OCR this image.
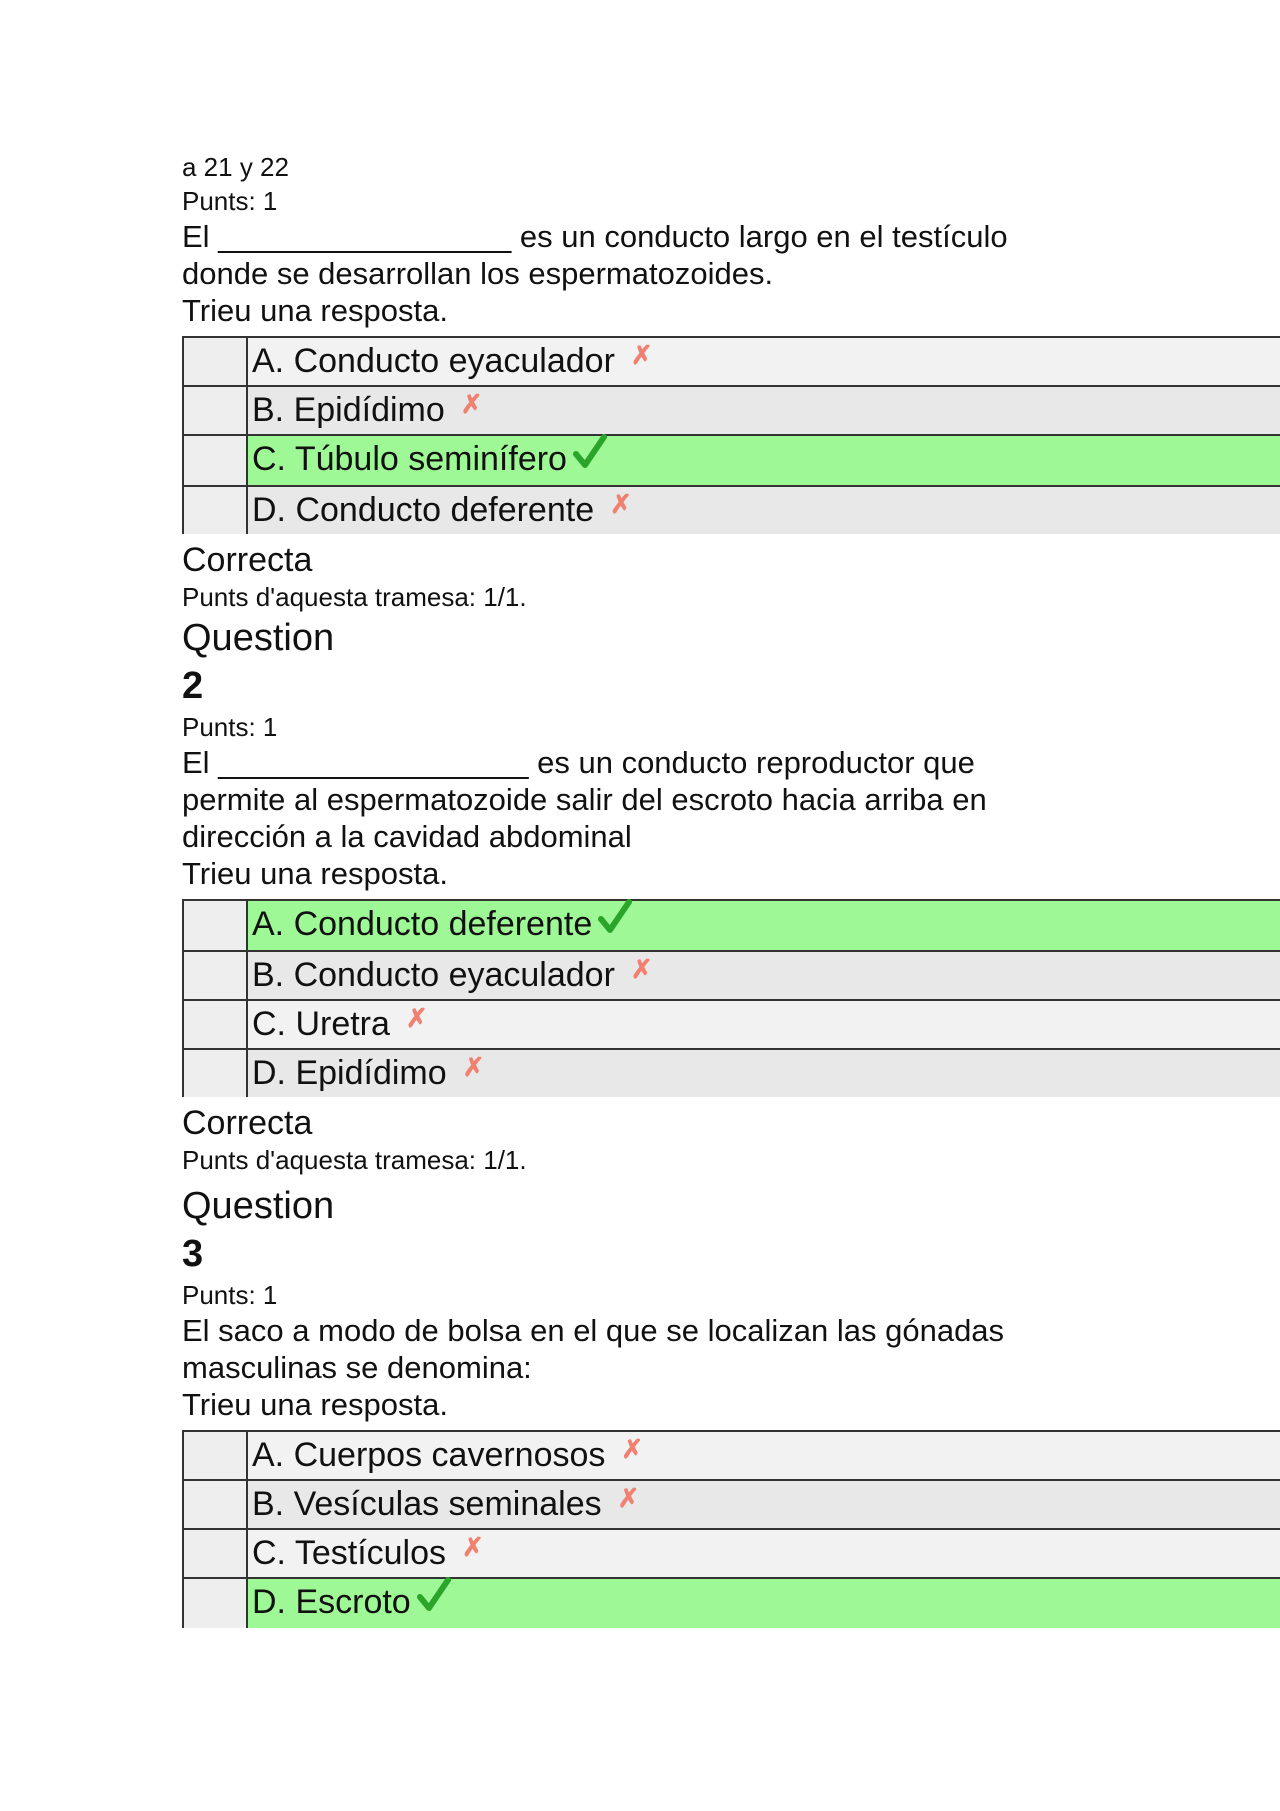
a 21 y 22
Punts: 1
El _________________ es un conducto largo en el testículo
donde se desarrollan los espermatozoides.
Trieu una resposta.
	A. Conducto eyaculador ✗
	B. Epidídimo ✗
	C. Túbulo seminífero
	D. Conducto deferente ✗
Correcta
Punts d'aquesta tramesa: 1/1.
Question
2
Punts: 1
El __________________ es un conducto reproductor que
permite al espermatozoide salir del escroto hacia arriba en
dirección a la cavidad abdominal
Trieu una resposta.
	A. Conducto deferente
	B. Conducto eyaculador ✗
	C. Uretra ✗
	D. Epidídimo ✗
Correcta
Punts d'aquesta tramesa: 1/1.
Question
3
Punts: 1
El saco a modo de bolsa en el que se localizan las gónadas
masculinas se denomina:
Trieu una resposta.
	A. Cuerpos cavernosos ✗
	B. Vesículas seminales ✗
	C. Testículos ✗
	D. Escroto
